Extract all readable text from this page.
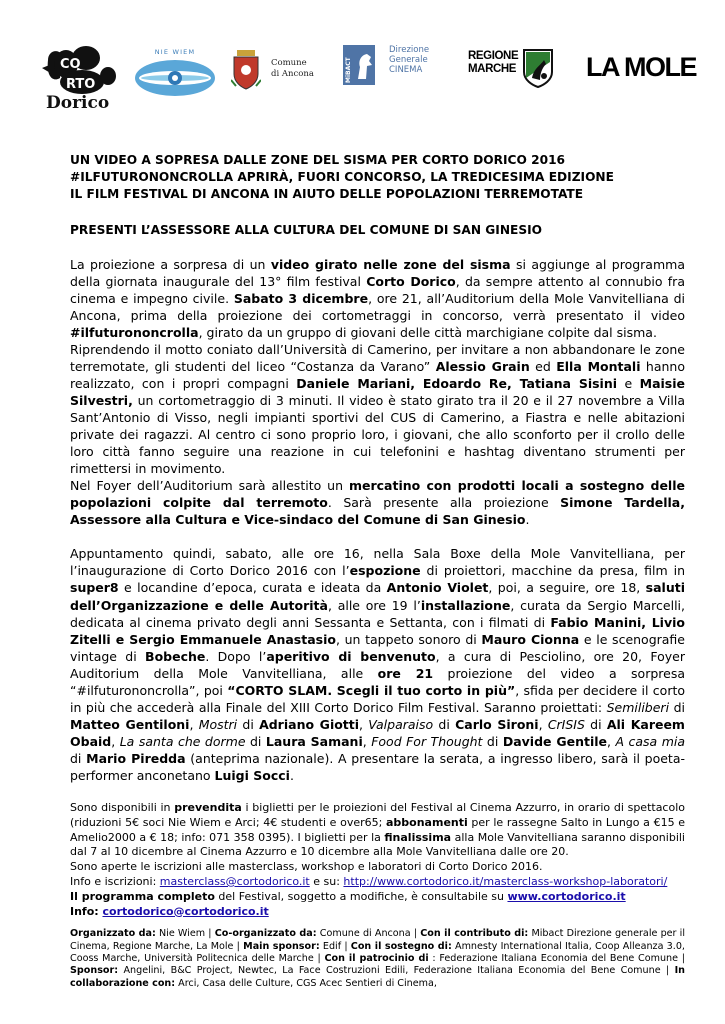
CO
RTO
Dorico
NIE WIEM
Comune
di Ancona	MiBACT
Direzione
Generale
CINEMA
REGIONE
MARCHE	LA MOLE
UN VIDEO A SOPRESA DALLE ZONE DEL SISMA PER CORTO DORICO 2016
#ILFUTURONONCROLLA APRIRÀ, FUORI CONCORSO, LA TREDICESIMA EDIZIONE
IL FILM FESTIVAL DI ANCONA IN AIUTO DELLE POPOLAZIONI TERREMOTATE
PRESENTI L’ASSESSORE ALLA CULTURA DEL COMUNE DI SAN GINESIO

La proiezione a sorpresa di un video girato nelle zone del sisma si aggiunge al programma della giornata inaugurale del 13° film festival Corto Dorico, da sempre attento al connubio fra cinema e impegno civile. Sabato 3 dicembre, ore 21, all’Auditorium della Mole Vanvitelliana di Ancona, prima della proiezione dei cortometraggi in concorso, verrà presentato il video #ilfuturononcrolla, girato da un gruppo di giovani delle città marchigiane colpite dal sisma.

Riprendendo il motto coniato dall’Università di Camerino, per invitare a non abbandonare le zone terremotate, gli studenti del liceo “Costanza da Varano” Alessio Grain ed Ella Montali hanno realizzato, con i propri compagni Daniele Mariani, Edoardo Re, Tatiana Sisini e Maisie Silvestri, un cortometraggio di 3 minuti. Il video è stato girato tra il 20 e il 27 novembre a Villa Sant’Antonio di Visso, negli impianti sportivi del CUS di Camerino, a Fiastra e nelle abitazioni private dei ragazzi. Al centro ci sono proprio loro, i giovani, che allo sconforto per il crollo delle loro città fanno seguire una reazione in cui telefonini e hashtag diventano strumenti per rimettersi in movimento.

Nel Foyer dell’Auditorium sarà allestito un mercatino con prodotti locali a sostegno delle popolazioni colpite dal terremoto. Sarà presente alla proiezione Simone Tardella, Assessore alla Cultura e Vice-sindaco del Comune di San Ginesio.

Appuntamento quindi, sabato, alle ore 16, nella Sala Boxe della Mole Vanvitelliana, per l’inaugurazione di Corto Dorico 2016 con l’espozione di proiettori, macchine da presa, film in super8 e locandine d’epoca, curata e ideata da Antonio Violet, poi, a seguire, ore 18, saluti dell’Organizzazione e delle Autorità, alle ore 19 l’installazione, curata da Sergio Marcelli, dedicata al cinema privato degli anni Sessanta e Settanta, con i filmati di Fabio Manini, Livio Zitelli e Sergio Emmanuele Anastasio, un tappeto sonoro di Mauro Cionna e le scenografie vintage di Bobeche. Dopo l’aperitivo di benvenuto, a cura di Pesciolino, ore 20, Foyer Auditorium della Mole Vanvitelliana, alle ore 21 proiezione del video a sorpresa “#ilfuturononcrolla”, poi “CORTO SLAM. Scegli il tuo corto in più”, sfida per decidere il corto in più che accederà alla Finale del XIII Corto Dorico Film Festival. Saranno proiettati: Semiliberi di Matteo Gentiloni, Mostri di Adriano Giotti, Valparaiso di Carlo Sironi, CrISIS di Ali Kareem Obaid, La santa che dorme di Laura Samani, Food For Thought di Davide Gentile, A casa mia di Mario Piredda (anteprima nazionale). A presentare la serata, a ingresso libero, sarà il poeta-performer anconetano Luigi Socci.

Sono disponibili in prevendita i biglietti per le proiezioni del Festival al Cinema Azzurro, in orario di spettacolo (riduzioni 5€ soci Nie Wiem e Arci; 4€ studenti e over65; abbonamenti per le rassegne Salto in Lungo a €15 e Amelio2000 a € 18; info: 071 358 0395). I biglietti per la finalissima alla Mole Vanvitelliana saranno disponibili dal 7 al 10 dicembre al Cinema Azzurro e 10 dicembre alla Mole Vanvitelliana dalle ore 20.

Sono aperte le iscrizioni alle masterclass, workshop e laboratori di Corto Dorico 2016.
Info e iscrizioni: masterclass@cortodorico.it e su: http://www.cortodorico.it/masterclass-workshop-laboratori/
Il programma completo del Festival, soggetto a modifiche, è consultabile su www.cortodorico.it
Info: cortodorico@cortodorico.it

Organizzato da: Nie Wiem | Co-organizzato da: Comune di Ancona | Con il contributo di: Mibact Direzione generale per il Cinema, Regione Marche, La Mole | Main sponsor: Edif | Con il sostegno di: Amnesty International Italia, Coop Alleanza 3.0, Cooss Marche, Università Politecnica delle Marche | Con il patrocinio di : Federazione Italiana Economia del Bene Comune | Sponsor: Angelini, B&C Project, Newtec, La Face Costruzioni Edili, Federazione Italiana Economia del Bene Comune | In collaborazione con: Arci, Casa delle Culture, CGS Acec Sentieri di Cinema,
